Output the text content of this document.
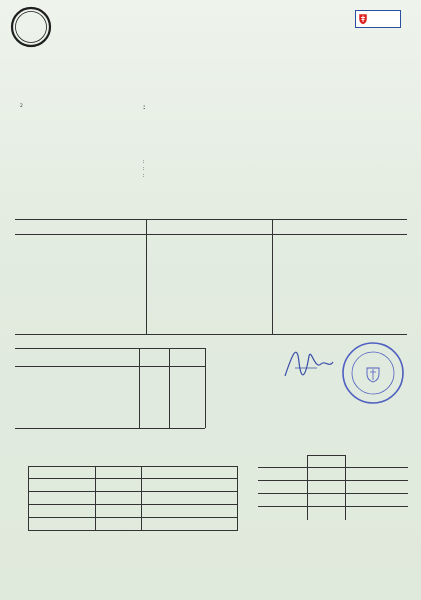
2	:
:
:
:
